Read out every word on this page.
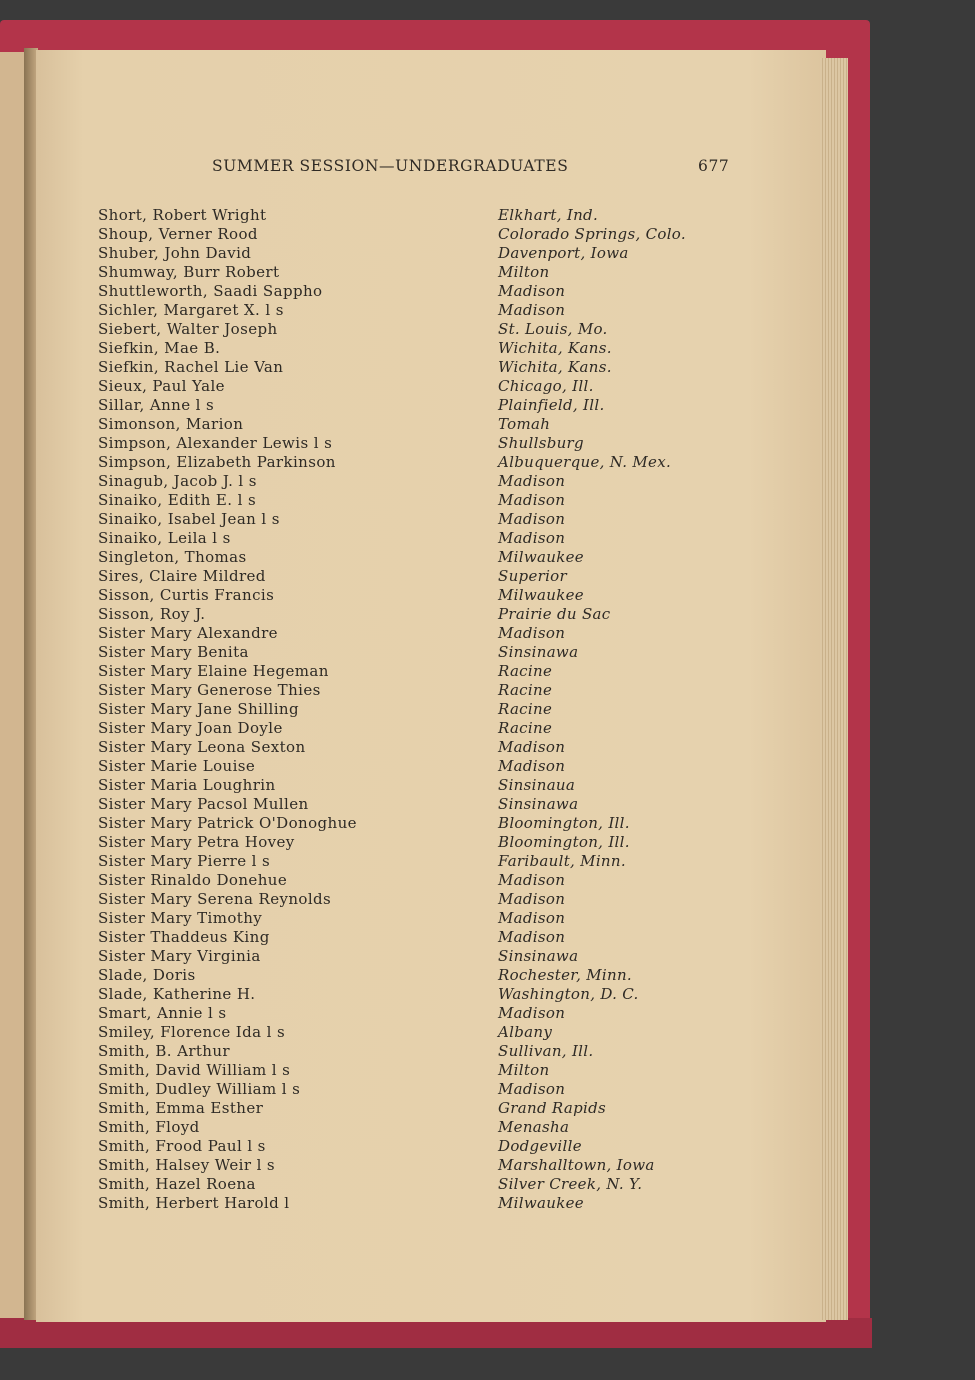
SUMMER SESSION—UNDERGRADUATES	677
Short, Robert Wright	Elkhart, Ind.
Shoup, Verner Rood	Colorado Springs, Colo.
Shuber, John David	Davenport, Iowa
Shumway, Burr Robert	Milton
Shuttleworth, Saadi Sappho	Madison
Sichler, Margaret X. l s	Madison
Siebert, Walter Joseph	St. Louis, Mo.
Siefkin, Mae B.	Wichita, Kans.
Siefkin, Rachel Lie Van	Wichita, Kans.
Sieux, Paul Yale	Chicago, Ill.
Sillar, Anne l s	Plainfield, Ill.
Simonson, Marion	Tomah
Simpson, Alexander Lewis l s	Shullsburg
Simpson, Elizabeth Parkinson	Albuquerque, N. Mex.
Sinagub, Jacob J. l s	Madison
Sinaiko, Edith E. l s	Madison
Sinaiko, Isabel Jean l s	Madison
Sinaiko, Leila l s	Madison
Singleton, Thomas	Milwaukee
Sires, Claire Mildred	Superior
Sisson, Curtis Francis	Milwaukee
Sisson, Roy J.	Prairie du Sac
Sister Mary Alexandre	Madison
Sister Mary Benita	Sinsinawa
Sister Mary Elaine Hegeman	Racine
Sister Mary Generose Thies	Racine
Sister Mary Jane Shilling	Racine
Sister Mary Joan Doyle	Racine
Sister Mary Leona Sexton	Madison
Sister Marie Louise	Madison
Sister Maria Loughrin	Sinsinaua
Sister Mary Pacsol Mullen	Sinsinawa
Sister Mary Patrick O'Donoghue	Bloomington, Ill.
Sister Mary Petra Hovey	Bloomington, Ill.
Sister Mary Pierre l s	Faribault, Minn.
Sister Rinaldo Donehue	Madison
Sister Mary Serena Reynolds	Madison
Sister Mary Timothy	Madison
Sister Thaddeus King	Madison
Sister Mary Virginia	Sinsinawa
Slade, Doris	Rochester, Minn.
Slade, Katherine H.	Washington, D. C.
Smart, Annie l s	Madison
Smiley, Florence Ida l s	Albany
Smith, B. Arthur	Sullivan, Ill.
Smith, David William l s	Milton
Smith, Dudley William l s	Madison
Smith, Emma Esther	Grand Rapids
Smith, Floyd	Menasha
Smith, Frood Paul l s	Dodgeville
Smith, Halsey Weir l s	Marshalltown, Iowa
Smith, Hazel Roena	Silver Creek, N. Y.
Smith, Herbert Harold l	Milwaukee
